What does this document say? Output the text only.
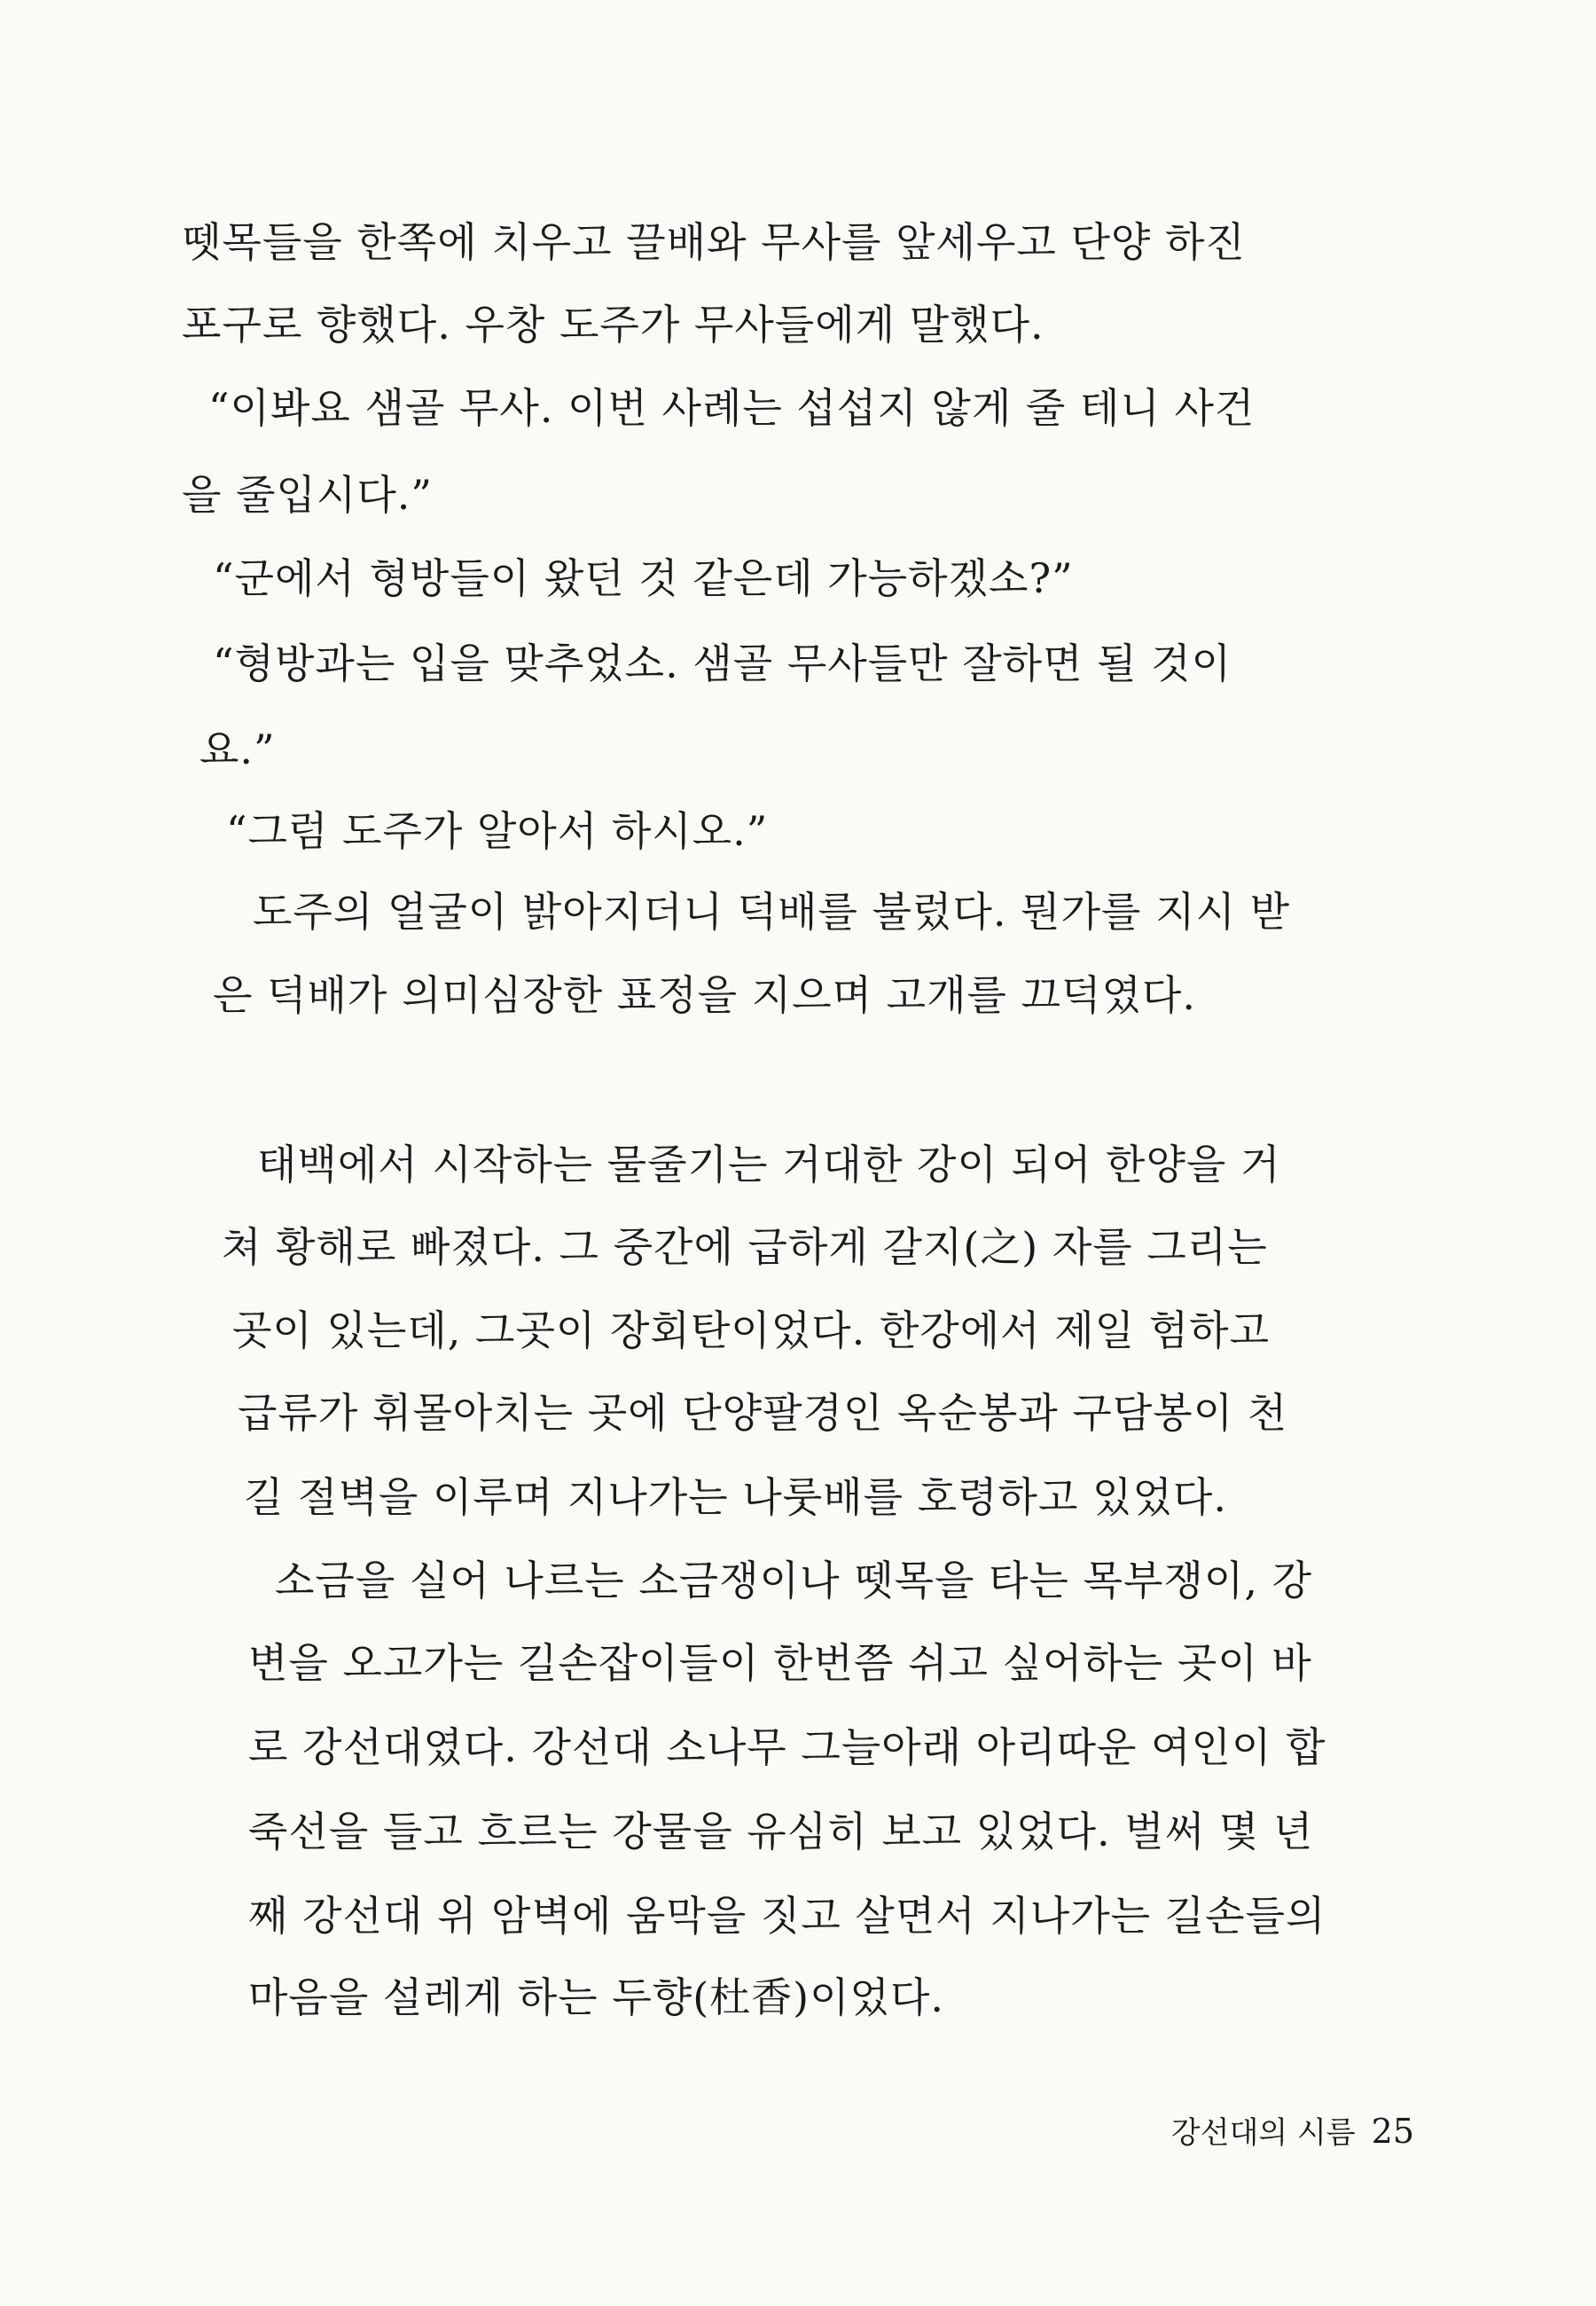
뗏목들을 한쪽에 치우고 끌배와 무사를 앞세우고 단양 하진
포구로 향했다. 우창 도주가 무사들에게 말했다.
“이봐요 샘골 무사. 이번 사례는 섭섭지 않게 줄 테니 사건
을 줄입시다.”
“군에서 형방들이 왔던 것 같은데 가능하겠소?”
“형방과는 입을 맞추었소. 샘골 무사들만 잘하면 될 것이
요.”
“그럼 도주가 알아서 하시오.”
도주의 얼굴이 밝아지더니 덕배를 불렀다. 뭔가를 지시 받
은 덕배가 의미심장한 표정을 지으며 고개를 끄덕였다.
태백에서 시작하는 물줄기는 거대한 강이 되어 한양을 거
쳐 황해로 빠졌다. 그 중간에 급하게 갈지(之) 자를 그리는
곳이 있는데, 그곳이 장회탄이었다. 한강에서 제일 험하고
급류가 휘몰아치는 곳에 단양팔경인 옥순봉과 구담봉이 천
길 절벽을 이루며 지나가는 나룻배를 호령하고 있었다.
소금을 실어 나르는 소금쟁이나 뗏목을 타는 목부쟁이, 강
변을 오고가는 길손잡이들이 한번쯤 쉬고 싶어하는 곳이 바
로 강선대였다. 강선대 소나무 그늘아래 아리따운 여인이 합
죽선을 들고 흐르는 강물을 유심히 보고 있었다. 벌써 몇 년
째 강선대 위 암벽에 움막을 짓고 살면서 지나가는 길손들의
마음을 설레게 하는 두향(杜香)이었다.
강선대의 시름 25
